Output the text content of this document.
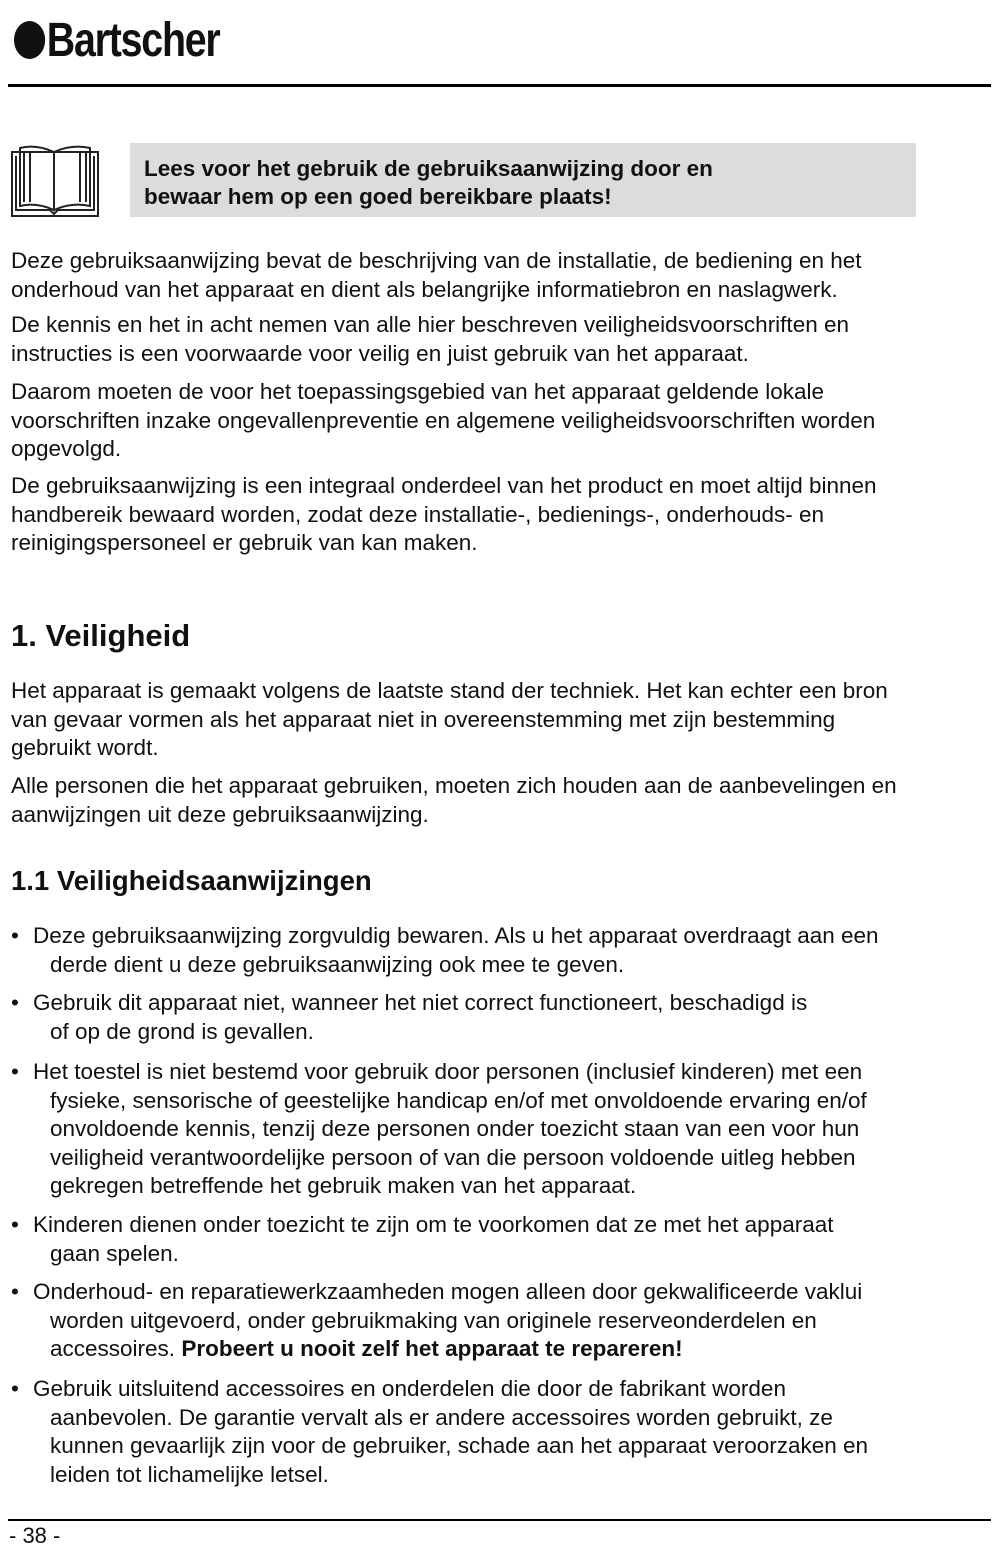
Bartscher
Lees voor het gebruik de gebruiksaanwijzing door en
bewaar hem op een goed bereikbare plaats!

Deze gebruiksaanwijzing bevat de beschrijving van de installatie, de bediening en het
onderhoud van het apparaat en dient als belangrijke informatiebron en naslagwerk.

De kennis en het in acht nemen van alle hier beschreven veiligheidsvoorschriften en
instructies is een voorwaarde voor veilig en juist gebruik van het apparaat.

Daarom moeten de voor het toepassingsgebied van het apparaat geldende lokale
voorschriften inzake ongevallenpreventie en algemene veiligheidsvoorschriften worden
opgevolgd.

De gebruiksaanwijzing is een integraal onderdeel van het product en moet altijd binnen
handbereik bewaard worden, zodat deze installatie-, bedienings-, onderhouds- en
reinigingspersoneel er gebruik van kan maken.

1. Veiligheid

Het apparaat is gemaakt volgens de laatste stand der techniek. Het kan echter een bron
van gevaar vormen als het apparaat niet in overeenstemming met zijn bestemming
gebruikt wordt.

Alle personen die het apparaat gebruiken, moeten zich houden aan de aanbevelingen en
aanwijzingen uit deze gebruiksaanwijzing.

1.1 Veiligheidsaanwijzingen
• Deze gebruiksaanwijzing zorgvuldig bewaren. Als u het apparaat overdraagt aan een
derde dient u deze gebruiksaanwijzing ook mee te geven.
• Gebruik dit apparaat niet, wanneer het niet correct functioneert, beschadigd is
of op de grond is gevallen.
• Het toestel is niet bestemd voor gebruik door personen (inclusief kinderen) met een
fysieke, sensorische of geestelijke handicap en/of met onvoldoende ervaring en/of
onvoldoende kennis, tenzij deze personen onder toezicht staan van een voor hun
veiligheid verantwoordelijke persoon of van die persoon voldoende uitleg hebben
gekregen betreffende het gebruik maken van het apparaat.
• Kinderen dienen onder toezicht te zijn om te voorkomen dat ze met het apparaat
gaan spelen.
• Onderhoud- en reparatiewerkzaamheden mogen alleen door gekwalificeerde vaklui
worden uitgevoerd, onder gebruikmaking van originele reserveonderdelen en
accessoires. Probeert u nooit zelf het apparaat te repareren!
• Gebruik uitsluitend accessoires en onderdelen die door de fabrikant worden
aanbevolen. De garantie vervalt als er andere accessoires worden gebruikt, ze
kunnen gevaarlijk zijn voor de gebruiker, schade aan het apparaat veroorzaken en
leiden tot lichamelijke letsel.
- 38 -
